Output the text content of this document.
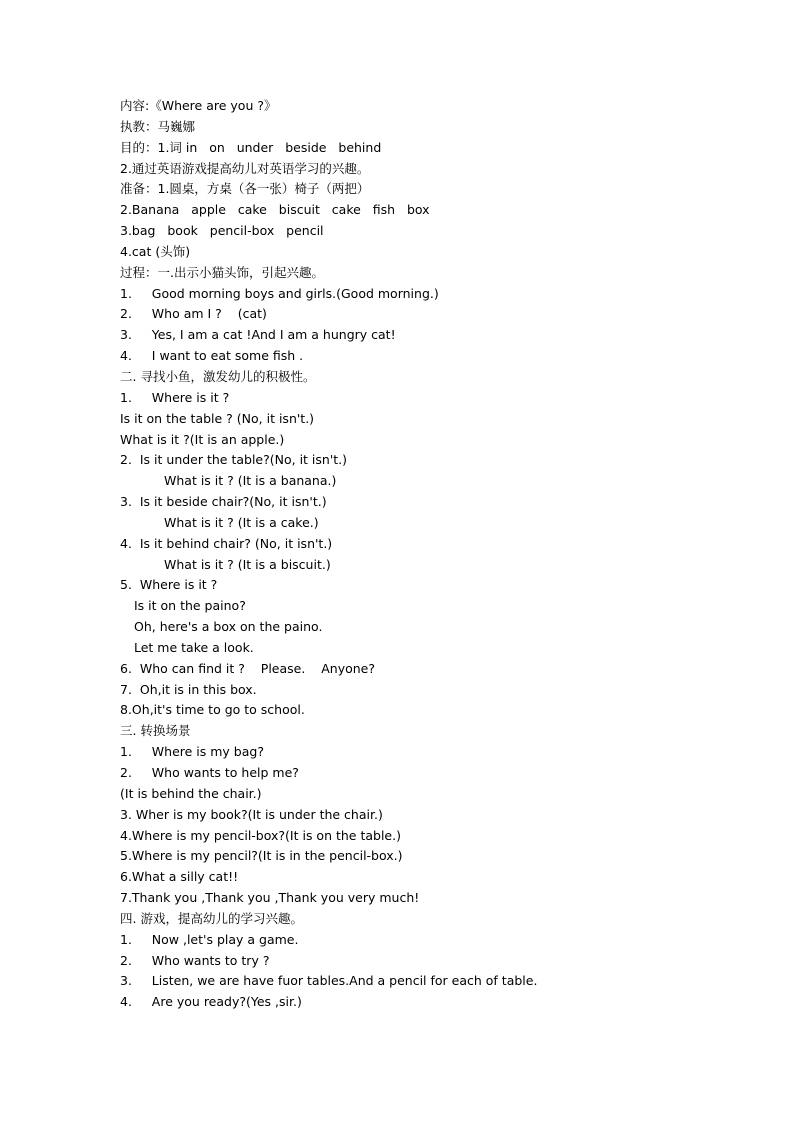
内容:《Where are you ?》
执教：马巍娜
目的：1.词 in   on   under   beside   behind
2.通过英语游戏提高幼儿对英语学习的兴趣。
准备：1.圆桌，方桌（各一张）椅子（两把）
2.Banana   apple   cake   biscuit   cake   fish   box
3.bag   book   pencil-box   pencil
4.cat (头饰)
过程：一.出示小猫头饰，引起兴趣。
1.     Good morning boys and girls.(Good morning.)
2.     Who am I ?    (cat)
3.     Yes, I am a cat !And I am a hungry cat!
4.     I want to eat some fish .
二. 寻找小鱼，激发幼儿的积极性。
1.     Where is it ?
Is it on the table ? (No, it isn't.)
What is it ?(It is an apple.)
2.  Is it under the table?(No, it isn't.)
What is it ? (It is a banana.)
3.  Is it beside chair?(No, it isn't.)
What is it ? (It is a cake.)
4.  Is it behind chair? (No, it isn't.)
What is it ? (It is a biscuit.)
5.  Where is it ?
Is it on the paino?
Oh, here's a box on the paino.
Let me take a look.
6.  Who can find it ?    Please.    Anyone?
7.  Oh,it is in this box.
8.Oh,it's time to go to school.
三. 转换场景
1.     Where is my bag?
2.     Who wants to help me?
(It is behind the chair.)
3. Wher is my book?(It is under the chair.)
4.Where is my pencil-box?(It is on the table.)
5.Where is my pencil?(It is in the pencil-box.)
6.What a silly cat!!
7.Thank you ,Thank you ,Thank you very much!
四. 游戏，提高幼儿的学习兴趣。
1.     Now ,let's play a game.
2.     Who wants to try ?
3.     Listen, we are have fuor tables.And a pencil for each of table.
4.     Are you ready?(Yes ,sir.)
